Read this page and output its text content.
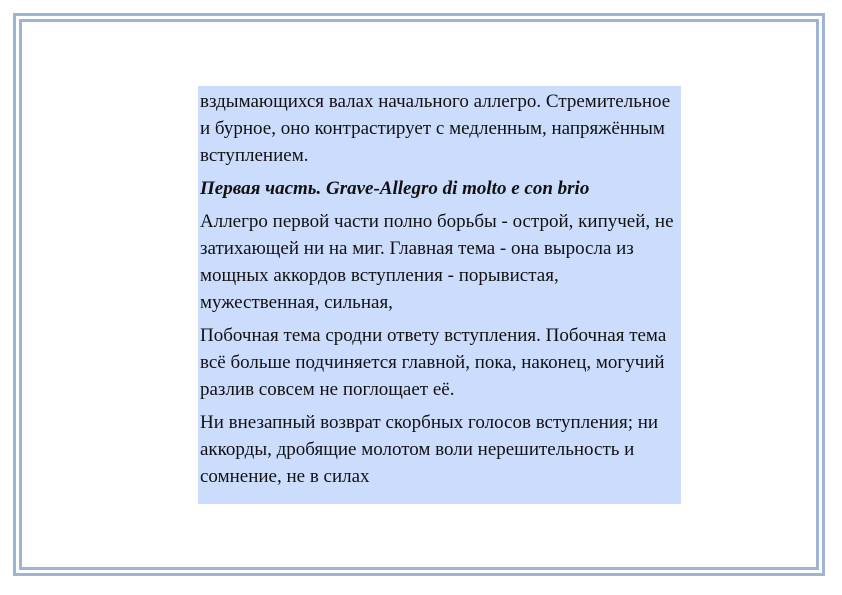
вздымающихся валах начального аллегро. Стремительное и бурное, оно контрастирует с медленным, напряжённым вступлением.

Первая часть. Grave-Allegro di molto e con brio

Аллегро первой части полно борьбы - острой, кипучей, не затихающей ни на миг. Главная тема - она выросла из мощных аккордов вступления - порывистая, мужественная, сильная,

Побочная тема сродни ответу вступления. Побочная тема всё больше подчиняется главной, пока, наконец, могучий разлив совсем не поглощает её.

Ни внезапный возврат скорбных голосов вступления; ни аккорды, дробящие молотом воли нерешительность и сомнение, не в силах
